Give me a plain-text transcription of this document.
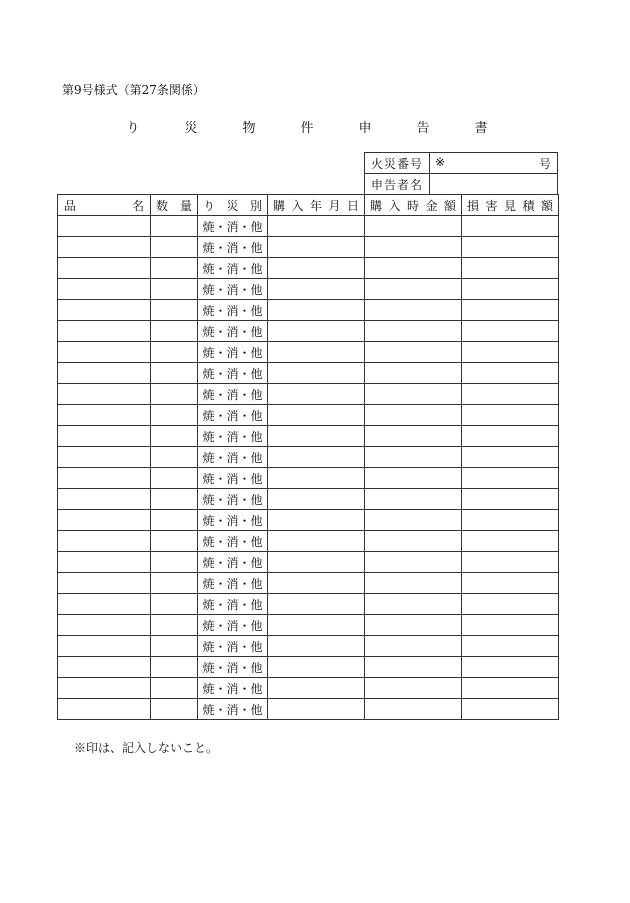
第9号様式（第27条関係）
り　災　物　件　申　告　書
火災番号	※ 号

申告者名	
品 名	数 量	り 災 別	購 入 年 月 日	購 入 時 金 額	損 害 見 積 額

		焼・消・他			
		焼・消・他			
		焼・消・他			
		焼・消・他			
		焼・消・他			
		焼・消・他			
		焼・消・他			
		焼・消・他			
		焼・消・他			
		焼・消・他			
		焼・消・他			
		焼・消・他			
		焼・消・他			
		焼・消・他			
		焼・消・他			
		焼・消・他			
		焼・消・他			
		焼・消・他			
		焼・消・他			
		焼・消・他			
		焼・消・他			
		焼・消・他			
		焼・消・他			
		焼・消・他			
※印は、記入しないこと。
